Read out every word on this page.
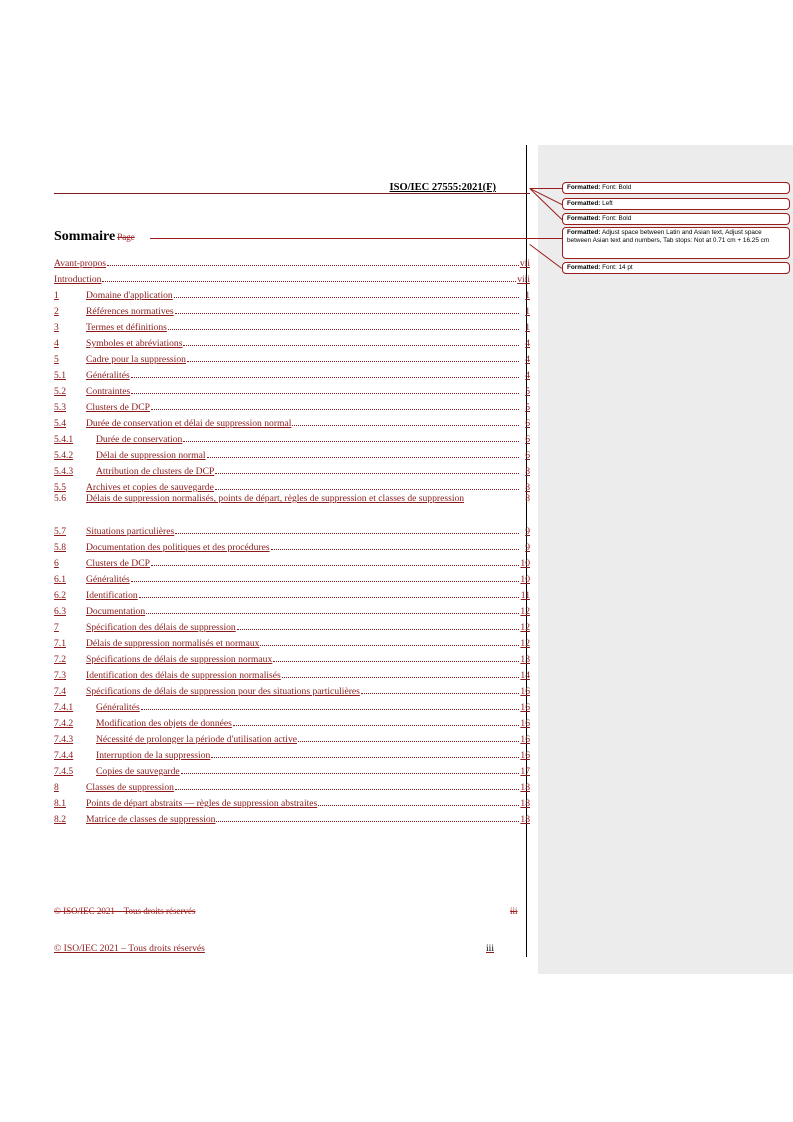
ISO/IEC 27555:2021(F)
Sommaire Page
Avant-propos	vii
Introduction	viii
1	Domaine d'application	1
2	Références normatives	1
3	Termes et définitions	1
4	Symboles et abréviations	4
5	Cadre pour la suppression	4
5.1	Généralités	4
5.2	Contraintes	5
5.3	Clusters de DCP	5
5.4	Durée de conservation et délai de suppression normal	6
5.4.1	Durée de conservation	6
5.4.2	Délai de suppression normal	6
5.4.3	Attribution de clusters de DCP	8
5.5	Archives et copies de sauvegarde	8
5.6 Délais de suppression normalisés, points de départ, règles de suppression et classes de suppression	8
5.7	Situations particulières	9
5.8	Documentation des politiques et des procédures	9
6	Clusters de DCP	10
6.1	Généralités	10
6.2	Identification	11
6.3	Documentation	12
7	Spécification des délais de suppression	12
7.1	Délais de suppression normalisés et normaux	12
7.2	Spécifications de délais de suppression normaux	13
7.3	Identification des délais de suppression normalisés	14
7.4	Spécifications de délais de suppression pour des situations particulières	16
7.4.1	Généralités	16
7.4.2	Modification des objets de données	16
7.4.3	Nécessité de prolonger la période d'utilisation active	16
7.4.4	Interruption de la suppression	16
7.4.5	Copies de sauvegarde	17
8	Classes de suppression	18
8.1	Points de départ abstraits — règles de suppression abstraites	18
8.2	Matrice de classes de suppression	18
© ISO/IEC 2021 – Tous droits réservés	iii
© ISO/IEC 2021 – Tous droits réservés	iii
Formatted: Font: Bold
Formatted: Left
Formatted: Font: Bold
Formatted: Adjust space between Latin and Asian text, Adjust space between Asian text and numbers, Tab stops: Not at 0.71 cm + 16.25 cm
Formatted: Font: 14 pt
